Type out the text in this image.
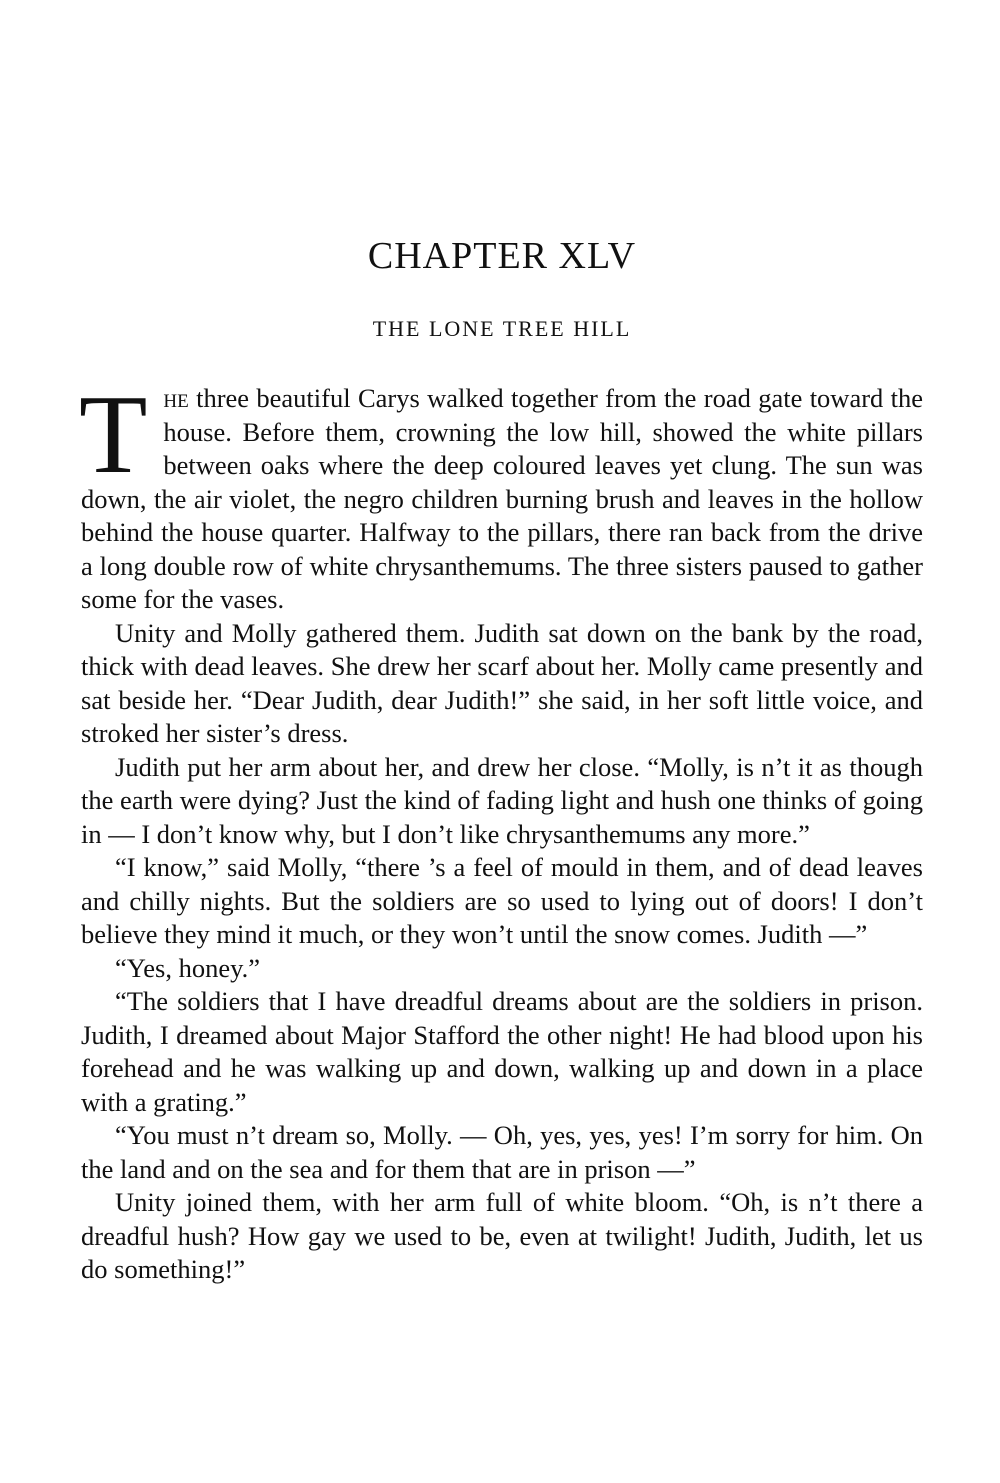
CHAPTER XLV
THE LONE TREE HILL

The three beautiful Carys walked together from the road gate toward the house. Before them, crowning the low hill, showed the white pillars between oaks where the deep coloured leaves yet clung. The sun was down, the air violet, the negro children burning brush and leaves in the hollow behind the house quarter. Halfway to the pillars, there ran back from the drive a long double row of white chrysanthemums. The three sisters paused to gather some for the vases.

Unity and Molly gathered them. Judith sat down on the bank by the road, thick with dead leaves. She drew her scarf about her. Molly came presently and sat beside her. “Dear Judith, dear Judith!” she said, in her soft little voice, and stroked her sister’s dress.

Judith put her arm about her, and drew her close. “Molly, is n’t it as though the earth were dying? Just the kind of fading light and hush one thinks of going in — I don’t know why, but I don’t like chrysanthemums any more.”

“I know,” said Molly, “there ’s a feel of mould in them, and of dead leaves and chilly nights. But the soldiers are so used to lying out of doors! I don’t believe they mind it much, or they won’t until the snow comes. Judith —”

“Yes, honey.”

“The soldiers that I have dreadful dreams about are the soldiers in prison. Judith, I dreamed about Major Stafford the other night! He had blood upon his forehead and he was walking up and down, walking up and down in a place with a grating.”

“You must n’t dream so, Molly. — Oh, yes, yes, yes! I’m sorry for him. On the land and on the sea and for them that are in prison —”

Unity joined them, with her arm full of white bloom. “Oh, is n’t there a dreadful hush? How gay we used to be, even at twilight! Judith, Judith, let us do something!”
